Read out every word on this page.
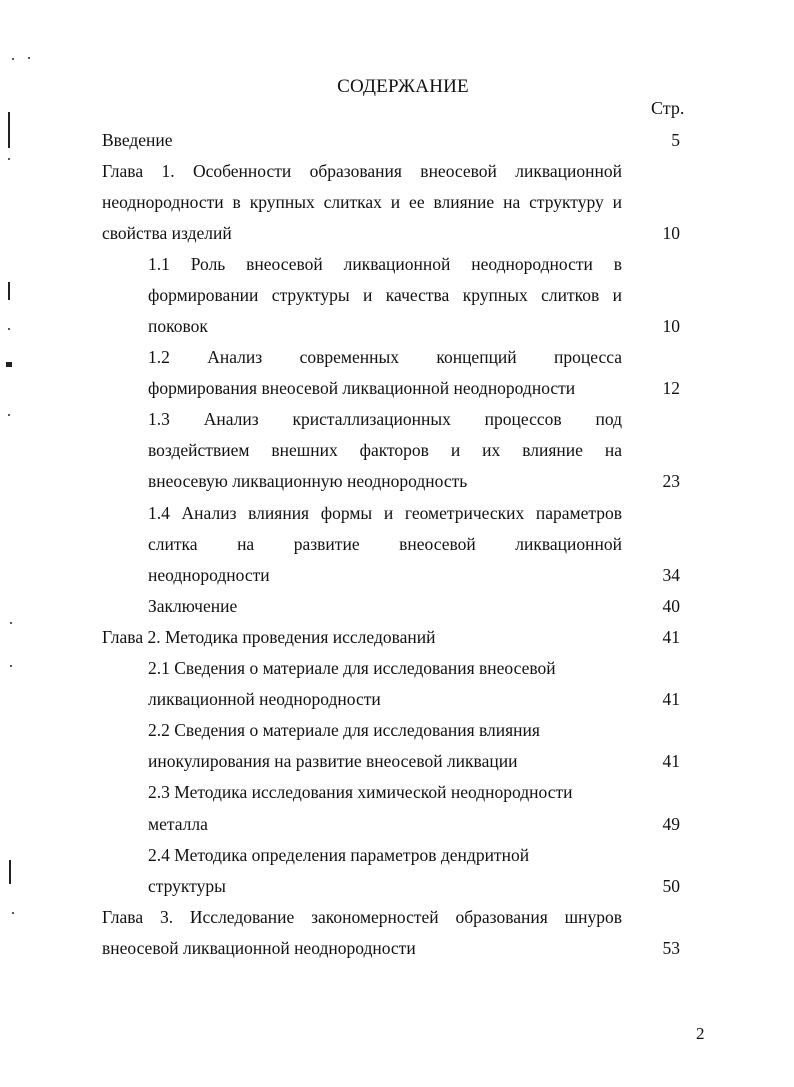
СОДЕРЖАНИЕ
Стр.
Введение	5
Глава 1. Особенности образования внеосевой ликвационной
неоднородности в крупных слитках и ее влияние на структуру и
свойства изделий	10
1.1 Роль внеосевой ликвационной неоднородности в
формировании структуры и качества крупных слитков и
поковок	10
1.2 Анализ современных концепций процесса
формирования внеосевой ликвационной неоднородности	12
1.3 Анализ кристаллизационных процессов под
воздействием внешних факторов и их влияние на
внеосевую ликвационную неоднородность	23
1.4 Анализ влияния формы и геометрических параметров
слитка на развитие внеосевой ликвационной
неоднородности	34
Заключение	40
Глава 2. Методика проведения исследований	41
2.1 Сведения о материале для исследования внеосевой
ликвационной неоднородности	41
2.2 Сведения о материале для исследования влияния
инокулирования на развитие внеосевой ликвации	41
2.3 Методика исследования химической неоднородности
металла	49
2.4 Методика определения параметров дендритной
структуры	50
Глава 3. Исследование закономерностей образования шнуров
внеосевой ликвационной неоднородности	53
2
